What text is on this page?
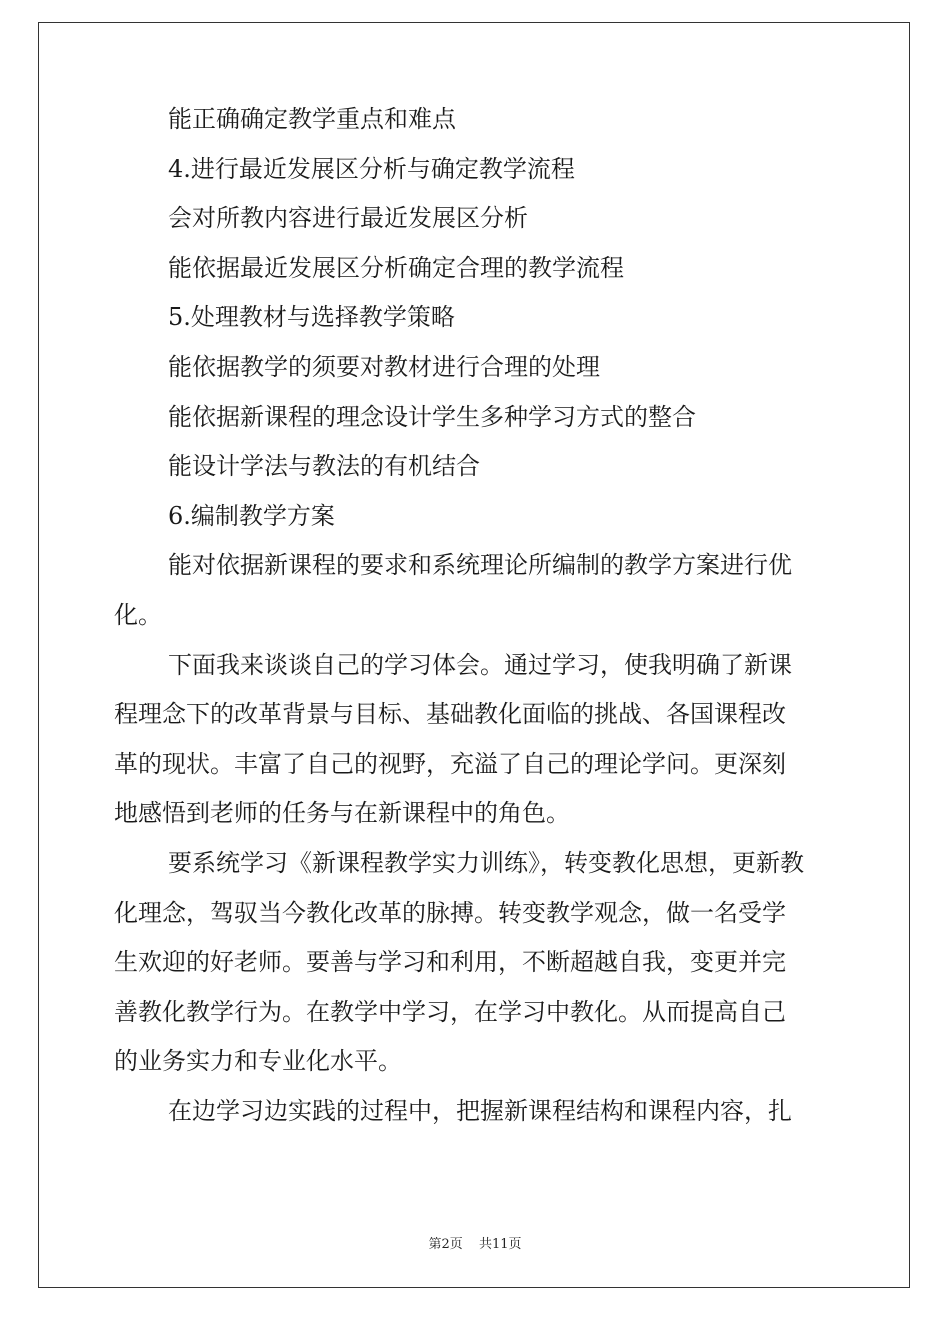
能正确确定教学重点和难点
4.进行最近发展区分析与确定教学流程
会对所教内容进行最近发展区分析
能依据最近发展区分析确定合理的教学流程
5.处理教材与选择教学策略
能依据教学的须要对教材进行合理的处理
能依据新课程的理念设计学生多种学习方式的整合
能设计学法与教法的有机结合
6.编制教学方案
能对依据新课程的要求和系统理论所编制的教学方案进行优
化。
下面我来谈谈自己的学习体会。通过学习，使我明确了新课
程理念下的改革背景与目标、基础教化面临的挑战、各国课程改
革的现状。丰富了自己的视野，充溢了自己的理论学问。更深刻
地感悟到老师的任务与在新课程中的角色。
要系统学习《新课程教学实力训练》，转变教化思想，更新教
化理念，驾驭当今教化改革的脉搏。转变教学观念，做一名受学
生欢迎的好老师。要善与学习和利用，不断超越自我，变更并完
善教化教学行为。在教学中学习，在学习中教化。从而提高自己
的业务实力和专业化水平。
在边学习边实践的过程中，把握新课程结构和课程内容，扎
第2页 共11页
